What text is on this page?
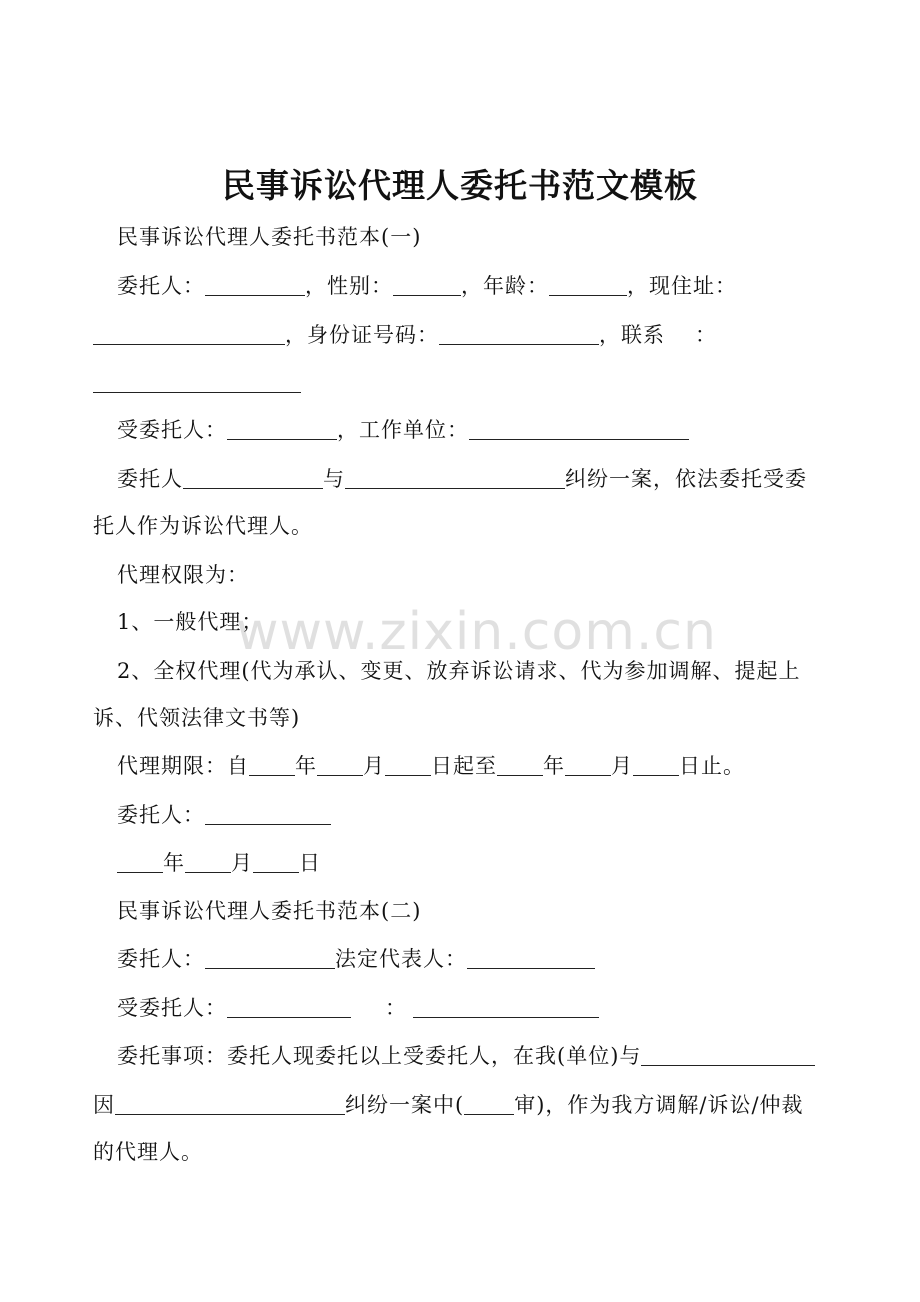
民事诉讼代理人委托书范文模板
民事诉讼代理人委托书范本(一)
委托人：	，性别：	，年龄：	，现住址：
，身份证号码：	，联系 ：
受委托人：	，工作单位：
委托人	与	纠纷一案，依法委托受委
托人作为诉讼代理人。
代理权限为：
1、一般代理；
2、全权代理(代为承认、变更、放弃诉讼请求、代为参加调解、提起上
诉、代领法律文书等)
代理期限：自 年 月 日起至 年 月 日止。
委托人：
年 月 日
民事诉讼代理人委托书范本(二)
委托人：	法定代表人：
受委托人：	：
委托事项：委托人现委托以上受委托人，在我(单位)与
因	纠纷一案中( 审)，作为我方调解/诉讼/仲裁
的代理人。
www.zixin.com.cn
